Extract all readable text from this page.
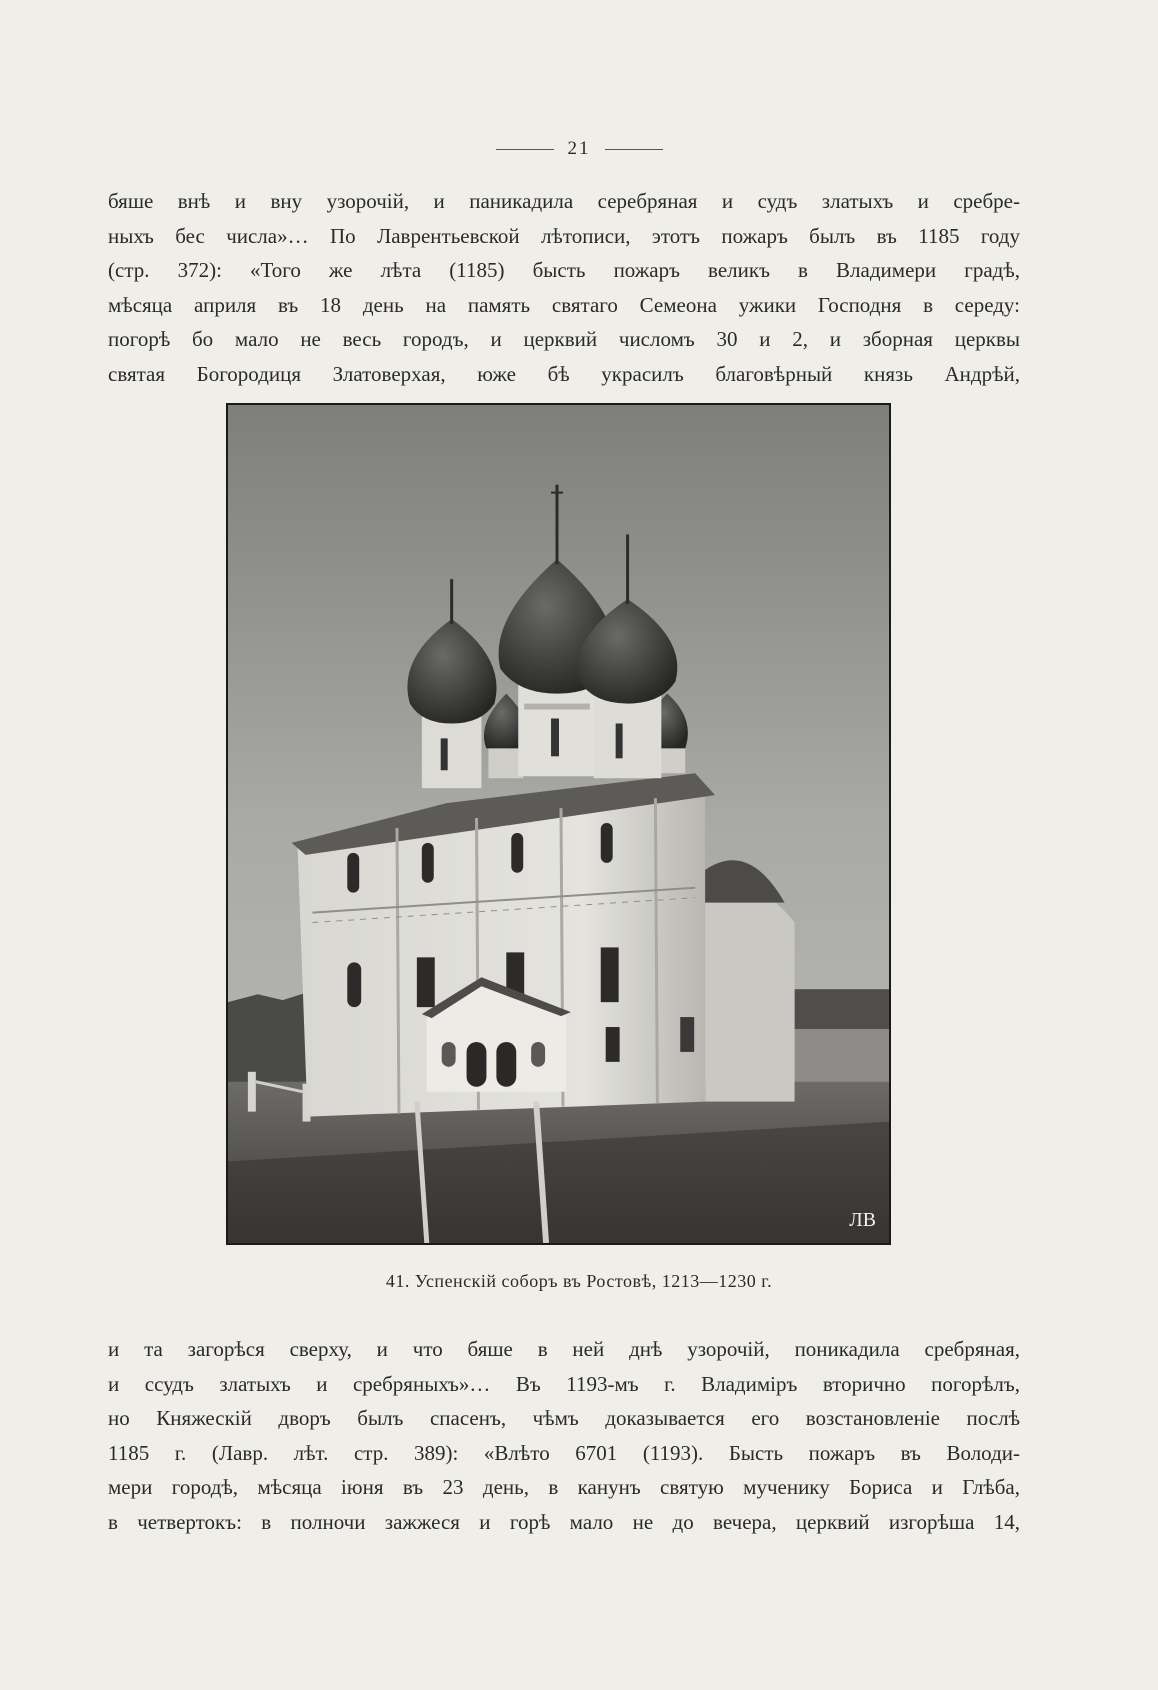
21
бяше внѣ и вну узорочій, и паникадила серебряная и судъ златыхъ и сребре-
ныхъ бес числа»… По Лаврентьевской лѣтописи, этотъ пожаръ былъ въ 1185 году
(стр. 372): «Того же лѣта (1185) бысть пожаръ великъ в Владимери градѣ,
мѣсяца априля въ 18 день на память святаго Семеона ужики Господня в середу:
погорѣ бо мало не весь городъ, и церквий числомъ 30 и 2, и зборная церквы
святая Богородиця Златоверхая, юже бѣ украсилъ благовѣрный князь Андрѣй,
ЛВ
41. Успенскій соборъ въ Ростовѣ, 1213—1230 г.
и та загорѣся сверху, и что бяше в ней днѣ узорочій, поникадила сребряная,
и ссудъ златыхъ и сребряныхъ»… Въ 1193-мъ г. Владиміръ вторично погорѣлъ,
но Княжескій дворъ былъ спасенъ, чѣмъ доказывается его возстановленіе послѣ
1185 г. (Лавр. лѣт. стр. 389): «Влѣто 6701 (1193). Бысть пожаръ въ Володи-
мери городѣ, мѣсяца іюня въ 23 день, в канунъ святую мученику Бориса и Глѣба,
в четвертокъ: в полночи зажжеся и горѣ мало не до вечера, церквий изгорѣша 14,
